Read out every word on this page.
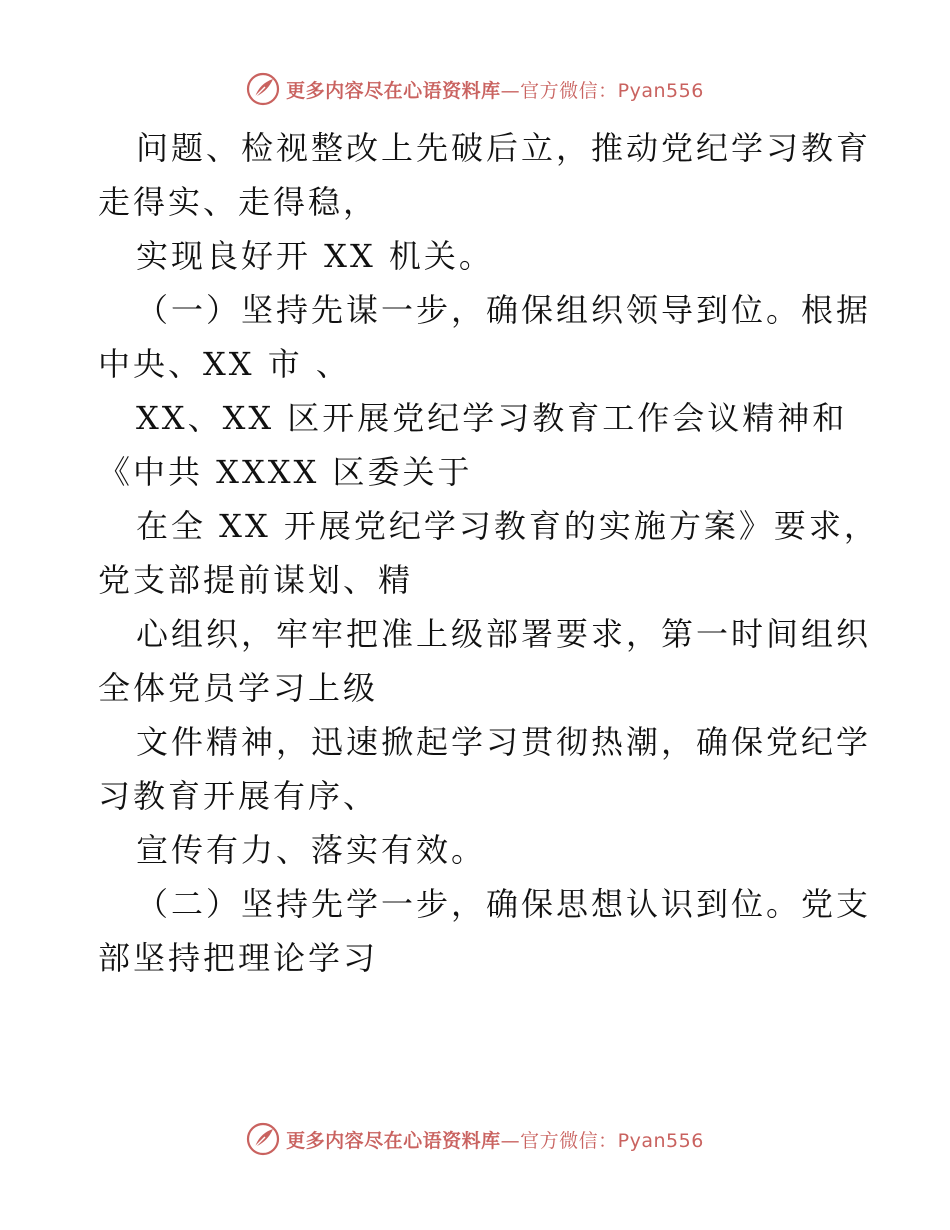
更多内容尽在心语资料库—官方微信：Pyan556
问题、检视整改上先破后立，推动党纪学习教育
走得实、走得稳，
实现良好开 XX 机关。
（一）坚持先谋一步，确保组织领导到位。根据
中央、XX 市 、
XX、XX 区开展党纪学习教育工作会议精神和
《中共 XXXX 区委关于
在全 XX 开展党纪学习教育的实施方案》要求，
党支部提前谋划、精
心组织，牢牢把准上级部署要求，第一时间组织
全体党员学习上级
文件精神，迅速掀起学习贯彻热潮，确保党纪学
习教育开展有序、
宣传有力、落实有效。
（二）坚持先学一步，确保思想认识到位。党支
部坚持把理论学习
更多内容尽在心语资料库—官方微信：Pyan556
